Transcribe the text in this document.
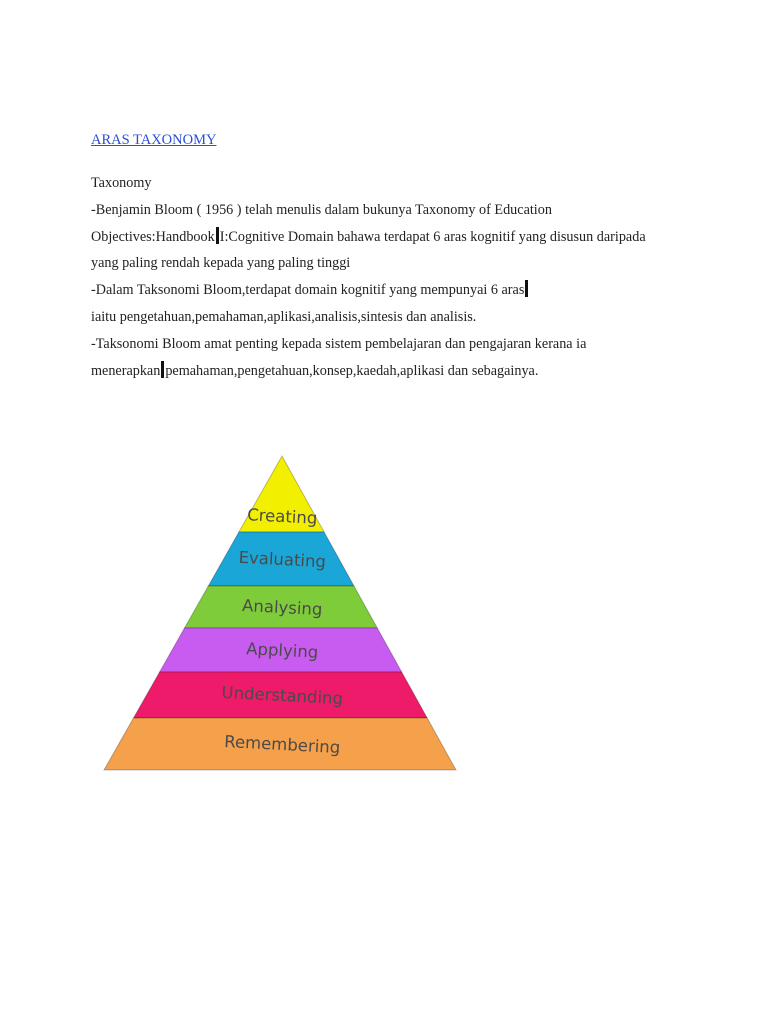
ARAS TAXONOMY
Taxonomy
-Benjamin Bloom ( 1956 ) telah menulis dalam bukunya Taxonomy of Education
Objectives:Handbook I:Cognitive Domain bahawa terdapat 6 aras kognitif yang disusun daripada
yang paling rendah kepada yang paling tinggi
-Dalam Taksonomi Bloom,terdapat domain kognitif yang mempunyai 6 aras
iaitu pengetahuan,pemahaman,aplikasi,analisis,sintesis dan analisis.
-Taksonomi Bloom amat penting kepada sistem pembelajaran dan pengajaran kerana ia
menerapkan pemahaman,pengetahuan,konsep,kaedah,aplikasi dan sebagainya.
Creating
Evaluating
Analysing
Applying
Understanding
Remembering
